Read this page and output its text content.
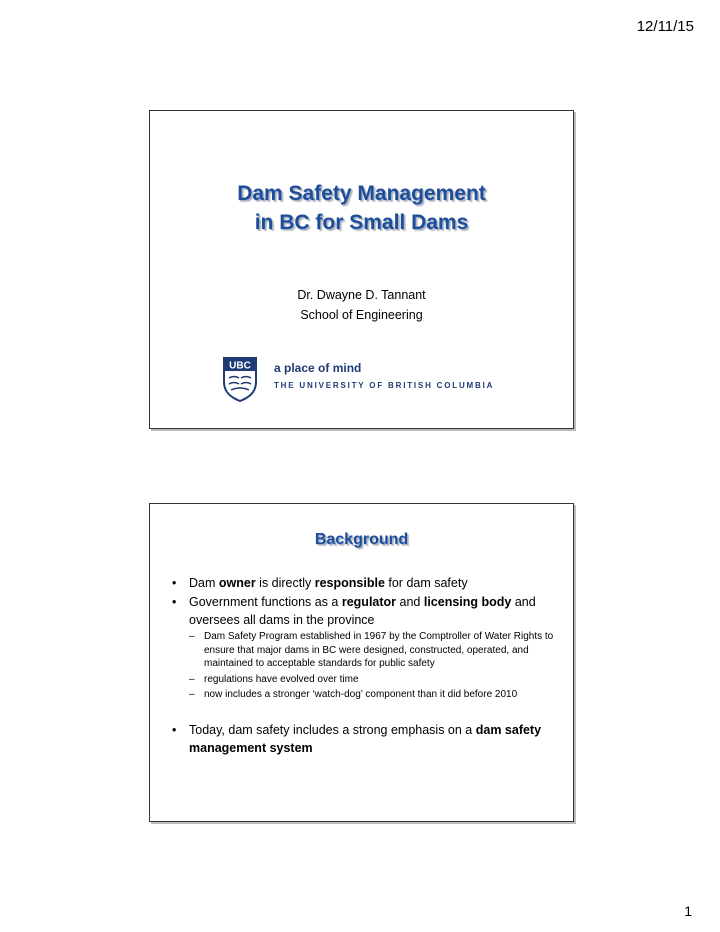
12/11/15
Dam Safety Management
in BC for Small Dams
Dr. Dwayne D. Tannant
School of Engineering
UBC a place of mind
THE UNIVERSITY OF BRITISH COLUMBIA
Background
• Dam owner is directly responsible for dam safety
• Government functions as a regulator and licensing body and oversees all dams in the province
– Dam Safety Program established in 1967 by the Comptroller of Water Rights to ensure that major dams in BC were designed, constructed, operated, and maintained to acceptable standards for public safety
– regulations have evolved over time
– now includes a stronger ‘watch-dog’ component than it did before 2010
• Today, dam safety includes a strong emphasis on a dam safety management system
1
